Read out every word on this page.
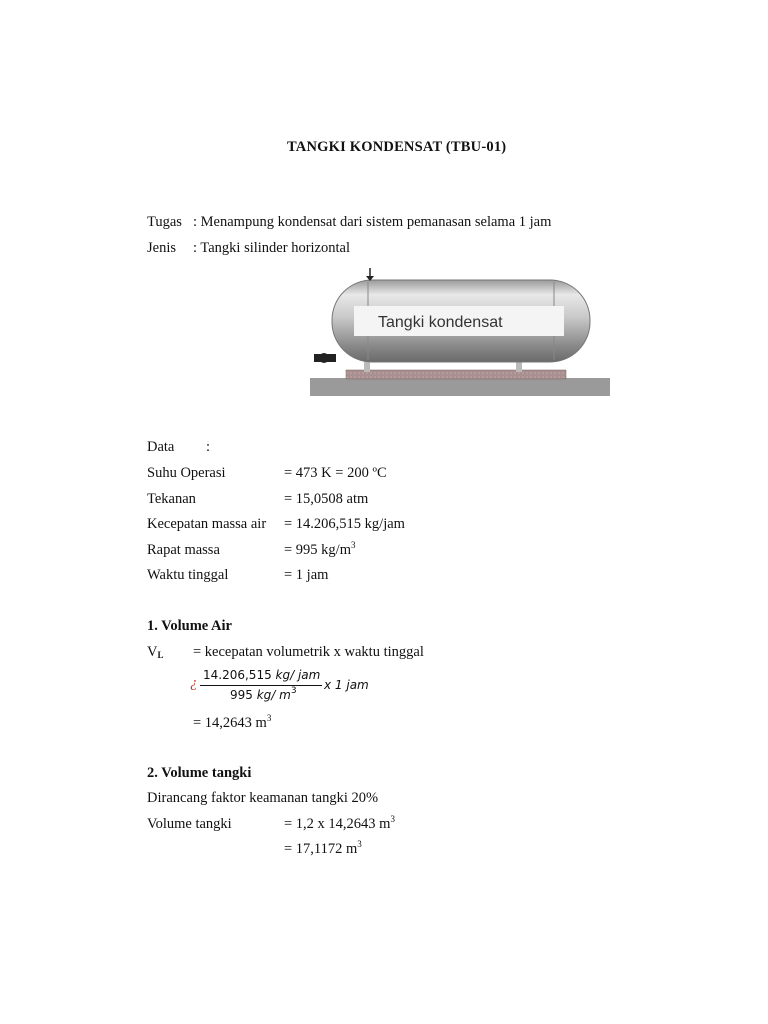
TANGKI KONDENSAT (TBU-01)
Tugas : Menampung kondensat dari sistem pemanasan selama 1 jam
Jenis : Tangki silinder horizontal
Tangki kondensat
Data :
Suhu Operasi	= 473 K = 200 ºC
Tekanan	= 15,0508 atm
Kecepatan massa air = 14.206,515 kg/jam
Rapat massa	= 995 $kg/m^3$
Waktu tinggal	= 1 jam
1. Volume Air
$V_L$ = kecepatan volumetrik x waktu tinggal
¿ 14.206,515 kg/ jam
995 kg/ $m^3$ x 1 jam
= 14,2643 $m^3$
2. Volume tangki
Dirancang faktor keamanan tangki 20%
Volume tangki	= 1,2 x 14,2643 $m^3$
= 17,1172 $m^3$
